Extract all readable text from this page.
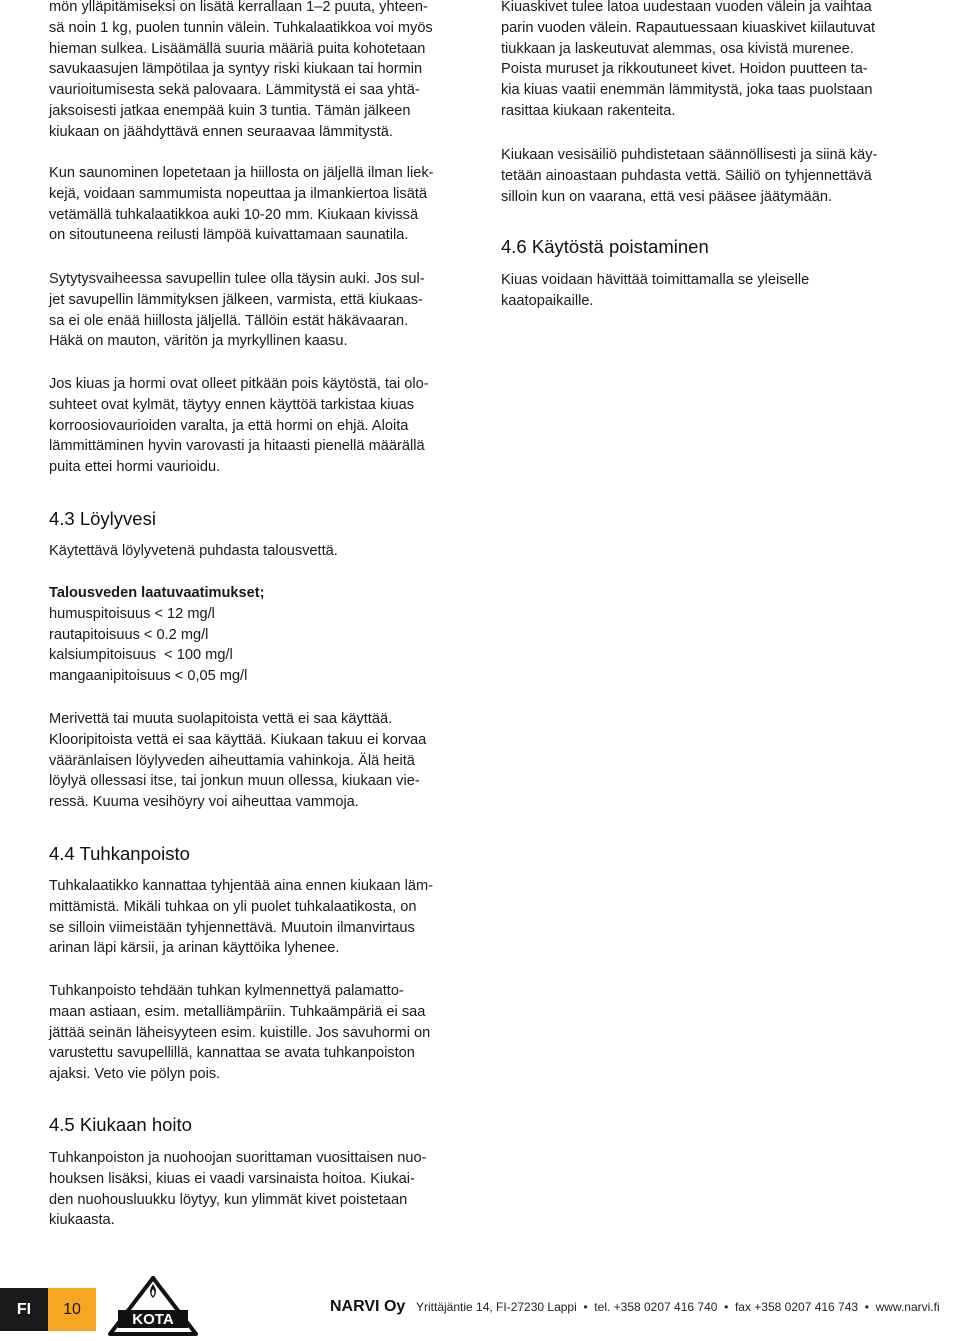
mön ylläpitämiseksi on lisätä kerrallaan 1–2 puuta, yhteen-
sä noin 1 kg, puolen tunnin välein. Tuhkalaatikkoa voi myös
hieman sulkea. Lisäämällä suuria määriä puita kohotetaan
savukaasujen lämpötilaa ja syntyy riski kiukaan tai hormin
vaurioitumisesta sekä palovaara. Lämmitystä ei saa yhtä-
jaksoisesti jatkaa enempää kuin 3 tuntia. Tämän jälkeen
kiukaan on jäähdyttävä ennen seuraavaa lämmitystä.

Kun saunominen lopetetaan ja hiillosta on jäljellä ilman liek-
kejä, voidaan sammumista nopeuttaa ja ilmankiertoa lisätä
vetämällä tuhkalaatikkoa auki 10-20 mm. Kiukaan kivissä
on sitoutuneena reilusti lämpöä kuivattamaan saunatila.

Sytytysvaiheessa savupellin tulee olla täysin auki. Jos sul-
jet savupellin lämmityksen jälkeen, varmista, että kiukaas-
sa ei ole enää hiillosta jäljellä. Tällöin estät häkävaaran.
Häkä on mauton, väritön ja myrkyllinen kaasu.

Jos kiuas ja hormi ovat olleet pitkään pois käytöstä, tai olo-
suhteet ovat kylmät, täytyy ennen käyttöä tarkistaa kiuas
korroosiovaurioiden varalta, ja että hormi on ehjä. Aloita
lämmittäminen hyvin varovasti ja hitaasti pienellä määrällä
puita ettei hormi vaurioidu.

4.3 Löylyvesi

Käytettävä löylyvetenä puhdasta talousvettä.

Talousveden laatuvaatimukset;
humuspitoisuus < 12 mg/l
rautapitoisuus < 0.2 mg/l
kalsiumpitoisuus  < 100 mg/l
mangaanipitoisuus < 0,05 mg/l

Merivettä tai muuta suolapitoista vettä ei saa käyttää.
Klooripitoista vettä ei saa käyttää. Kiukaan takuu ei korvaa
vääränlaisen löylyveden aiheuttamia vahinkoja. Älä heitä
löylyä ollessasi itse, tai jonkun muun ollessa, kiukaan vie-
ressä. Kuuma vesihöyry voi aiheuttaa vammoja.

4.4 Tuhkanpoisto

Tuhkalaatikko kannattaa tyhjentää aina ennen kiukaan läm-
mittämistä. Mikäli tuhkaa on yli puolet tuhkalaatikosta, on
se silloin viimeistään tyhjennettävä. Muutoin ilmanvirtaus
arinan läpi kärsii, ja arinan käyttöika lyhenee.

Tuhkanpoisto tehdään tuhkan kylmennettyä palamatto-
maan astiaan, esim. metalliämpäriin. Tuhkaämpäriä ei saa
jättää seinän läheisyyteen esim. kuistille. Jos savuhormi on
varustettu savupellillä, kannattaa se avata tuhkanpoiston
ajaksi. Veto vie pölyn pois.

4.5 Kiukaan hoito

Tuhkanpoiston ja nuohoojan suorittaman vuosittaisen nuo-
houksen lisäksi, kiuas ei vaadi varsinaista hoitoa. Kiukai-
den nuohousluukku löytyy, kun ylimmät kivet poistetaan
kiukaasta.

Kiuaskivet tulee latoa uudestaan vuoden välein ja vaihtaa
parin vuoden välein. Rapautuessaan kiuaskivet kiilautuvat
tiukkaan ja laskeutuvat alemmas, osa kivistä murenee.
Poista muruset ja rikkoutuneet kivet. Hoidon puutteen ta-
kia kiuas vaatii enemmän lämmitystä, joka taas puolstaan
rasittaa kiukaan rakenteita.

Kiukaan vesisäiliö puhdistetaan säännöllisesti ja siinä käy-
tetään ainoastaan puhdasta vettä. Säiliö on tyhjennettävä
silloin kun on vaarana, että vesi pääsee jäätymään.

4.6 Käytöstä poistaminen

Kiuas voidaan hävittää toimittamalla se yleiselle
kaatopaikaille.

FI	10
KOTA
NARVI Oy Yrittäjäntie 14, FI-27230 Lappi  •  tel. +358 0207 416 740  •  fax +358 0207 416 743  •  www.narvi.fi
